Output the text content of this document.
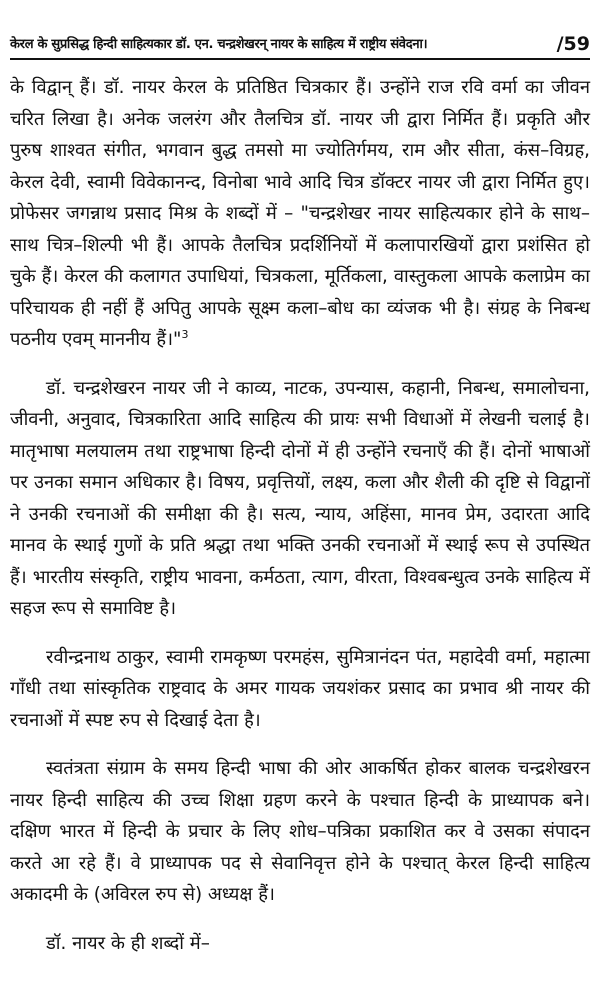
केरल के सुप्रसिद्ध हिन्दी साहित्यकार डॉ. एन. चन्द्रशेखरन् नायर के साहित्य में राष्ट्रीय संवेदना।	/59

के विद्वान् हैं। डॉ. नायर केरल के प्रतिष्ठित चित्रकार हैं। उन्होंने राज रवि वर्मा का जीवन चरित लिखा है। अनेक जलरंग और तैलचित्र डॉ. नायर जी द्वारा निर्मित हैं। प्रकृति और पुरुष शाश्वत संगीत, भगवान बुद्ध तमसो मा ज्योतिर्गमय, राम और सीता, कंस–विग्रह, केरल देवी, स्वामी विवेकानन्द, विनोबा भावे आदि चित्र डॉक्टर नायर जी द्वारा निर्मित हुए। प्रोफेसर जगन्नाथ प्रसाद मिश्र के शब्दों में – "चन्द्रशेखर नायर साहित्यकार होने के साथ–साथ चित्र–शिल्पी भी हैं। आपके तैलचित्र प्रदर्शिनियों में कलापारखियों द्वारा प्रशंसित हो चुके हैं। केरल की कलागत उपाधियां, चित्रकला, मूर्तिकला, वास्तुकला आपके कलाप्रेम का परिचायक ही नहीं हैं अपितु आपके सूक्ष्म कला–बोध का व्यंजक भी है। संग्रह के निबन्ध पठनीय एवम् माननीय हैं।"$^3$

डॉ. चन्द्रशेखरन नायर जी ने काव्य, नाटक, उपन्यास, कहानी, निबन्ध, समालोचना, जीवनी, अनुवाद, चित्रकारिता आदि साहित्य की प्रायः सभी विधाओं में लेखनी चलाई है। मातृभाषा मलयालम तथा राष्ट्रभाषा हिन्दी दोनों में ही उन्होंने रचनाएँ की हैं। दोनों भाषाओं पर उनका समान अधिकार है। विषय, प्रवृत्तियों, लक्ष्य, कला और शैली की दृष्टि से विद्वानों ने उनकी रचनाओं की समीक्षा की है। सत्य, न्याय, अहिंसा, मानव प्रेम, उदारता आदि मानव के स्थाई गुणों के प्रति श्रद्धा तथा भक्ति उनकी रचनाओं में स्थाई रूप से उपस्थित हैं। भारतीय संस्कृति, राष्ट्रीय भावना, कर्मठता, त्याग, वीरता, विश्वबन्धुत्व उनके साहित्य में सहज रूप से समाविष्ट है।

रवीन्द्रनाथ ठाकुर, स्वामी रामकृष्ण परमहंस, सुमित्रानंदन पंत, महादेवी वर्मा, महात्मा गाँधी तथा सांस्कृतिक राष्ट्रवाद के अमर गायक जयशंकर प्रसाद का प्रभाव श्री नायर की रचनाओं में स्पष्ट रुप से दिखाई देता है।

स्वतंत्रता संग्राम के समय हिन्दी भाषा की ओर आकर्षित होकर बालक चन्द्रशेखरन नायर हिन्दी साहित्य की उच्च शिक्षा ग्रहण करने के पश्चात हिन्दी के प्राध्यापक बने। दक्षिण भारत में हिन्दी के प्रचार के लिए शोध–पत्रिका प्रकाशित कर वे उसका संपादन करते आ रहे हैं। वे प्राध्यापक पद से सेवानिवृत्त होने के पश्चात् केरल हिन्दी साहित्य अकादमी के (अविरल रुप से) अध्यक्ष हैं।

डॉ. नायर के ही शब्दों में–
